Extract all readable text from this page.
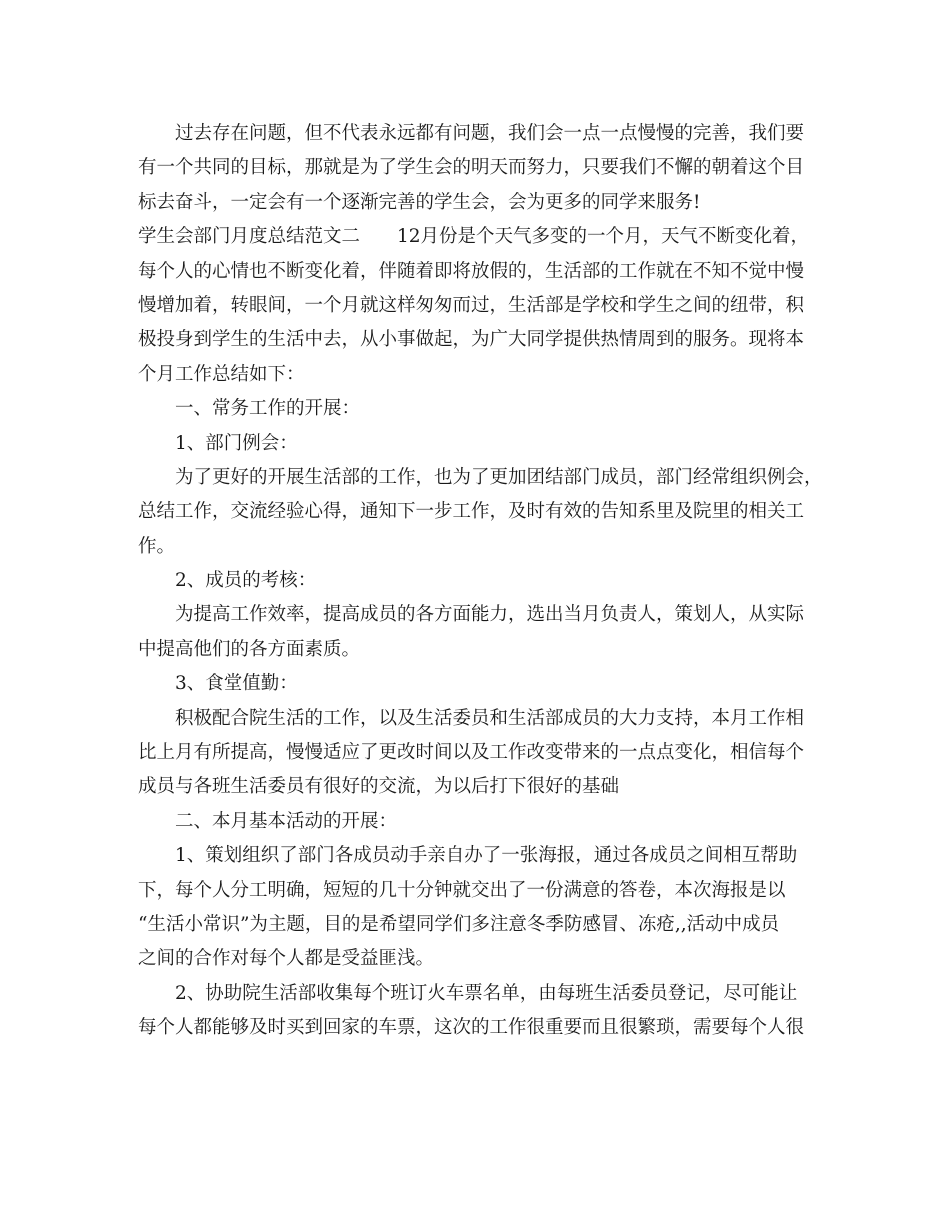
过去存在问题，但不代表永远都有问题，我们会一点一点慢慢的完善，我们要
有一个共同的目标，那就是为了学生会的明天而努力，只要我们不懈的朝着这个目
标去奋斗，一定会有一个逐渐完善的学生会，会为更多的同学来服务!
学生会部门月度总结范文二　　12月份是个天气多变的一个月，天气不断变化着，
每个人的心情也不断变化着，伴随着即将放假的，生活部的工作就在不知不觉中慢
慢增加着，转眼间，一个月就这样匆匆而过，生活部是学校和学生之间的纽带，积
极投身到学生的生活中去，从小事做起，为广大同学提供热情周到的服务。现将本
个月工作总结如下：
一、常务工作的开展：
1、部门例会：
为了更好的开展生活部的工作，也为了更加团结部门成员，部门经常组织例会，
总结工作，交流经验心得，通知下一步工作，及时有效的告知系里及院里的相关工
作。
2、成员的考核：
为提高工作效率，提高成员的各方面能力，选出当月负责人，策划人，从实际
中提高他们的各方面素质。
3、食堂值勤：
积极配合院生活的工作，以及生活委员和生活部成员的大力支持，本月工作相
比上月有所提高，慢慢适应了更改时间以及工作改变带来的一点点变化，相信每个
成员与各班生活委员有很好的交流，为以后打下很好的基础
二、本月基本活动的开展：
1、策划组织了部门各成员动手亲自办了一张海报，通过各成员之间相互帮助
下，每个人分工明确，短短的几十分钟就交出了一份满意的答卷，本次海报是以
“生活小常识”为主题，目的是希望同学们多注意冬季防感冒、冻疮,,活动中成员
之间的合作对每个人都是受益匪浅。
2、协助院生活部收集每个班订火车票名单，由每班生活委员登记，尽可能让
每个人都能够及时买到回家的车票，这次的工作很重要而且很繁琐，需要每个人很
